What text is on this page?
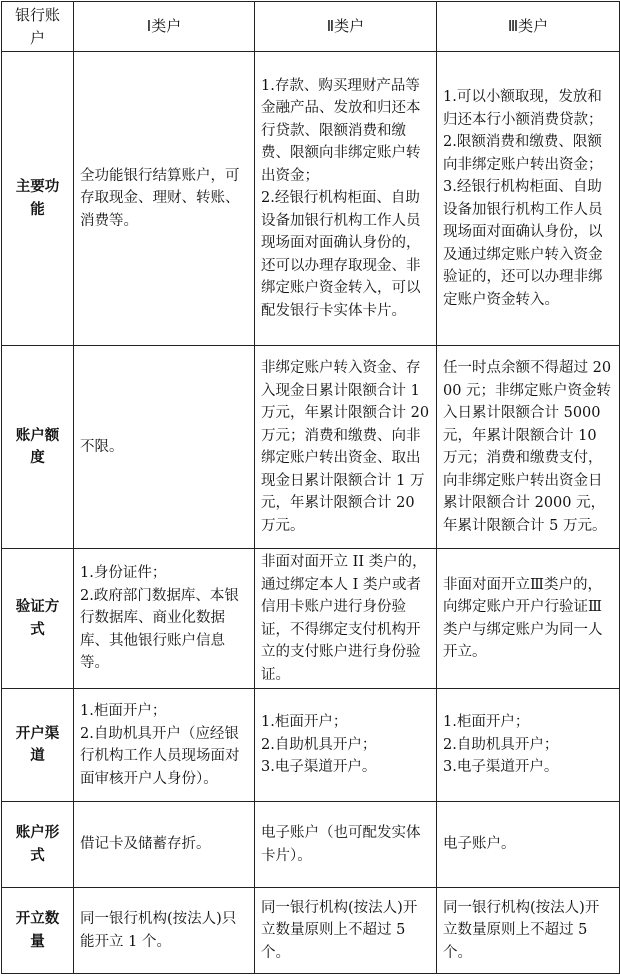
银行账户	Ⅰ类户	Ⅱ类户	Ⅲ类户
主要功能	全功能银行结算账户，可存取现金、理财、转账、消费等。	1.存款、购买理财产品等金融产品、发放和归还本行贷款、限额消费和缴费、限额向非绑定账户转出资金；
2.经银行机构柜面、自助设备加银行机构工作人员现场面对面确认身份的，还可以办理存取现金、非绑定账户资金转入，可以配发银行卡实体卡片。	1.可以小额取现，发放和归还本行小额消费贷款；
2.限额消费和缴费、限额向非绑定账户转出资金；
3.经银行机构柜面、自助设备加银行机构工作人员现场面对面确认身份，以及通过绑定账户转入资金验证的，还可以办理非绑定账户资金转入。

账户额度	不限。	非绑定账户转入资金、存入现金日累计限额合计 1 万元，年累计限额合计 20 万元；消费和缴费、向非绑定账户转出资金、取出现金日累计限额合计 1 万元，年累计限额合计 20 万元。	任一时点余额不得超过 2000 元；非绑定账户资金转入日累计限额合计 5000 元，年累计限额合计 10 万元；消费和缴费支付，向非绑定账户转出资金日累计限额合计 2000 元，年累计限额合计 5 万元。

验证方式	1.身份证件；
2.政府部门数据库、本银行数据库、商业化数据库、其他银行账户信息等。	非面对面开立 II 类户的，通过绑定本人 I 类户或者信用卡账户进行身份验证，不得绑定支付机构开立的支付账户进行身份验证。	非面对面开立Ⅲ类户的，向绑定账户开户行验证Ⅲ类户与绑定账户为同一人开立。

开户渠道	1.柜面开户；
2.自助机具开户（应经银行机构工作人员现场面对面审核开户人身份）。	1.柜面开户；
2.自助机具开户；
3.电子渠道开户。	1.柜面开户；
2.自助机具开户；
3.电子渠道开户。

账户形式	借记卡及储蓄存折。	电子账户（也可配发实体卡片）。	电子账户。

开立数量	同一银行机构(按法人)只能开立 1 个。	同一银行机构(按法人)开立数量原则上不超过 5 个。	同一银行机构(按法人)开立数量原则上不超过 5 个。
